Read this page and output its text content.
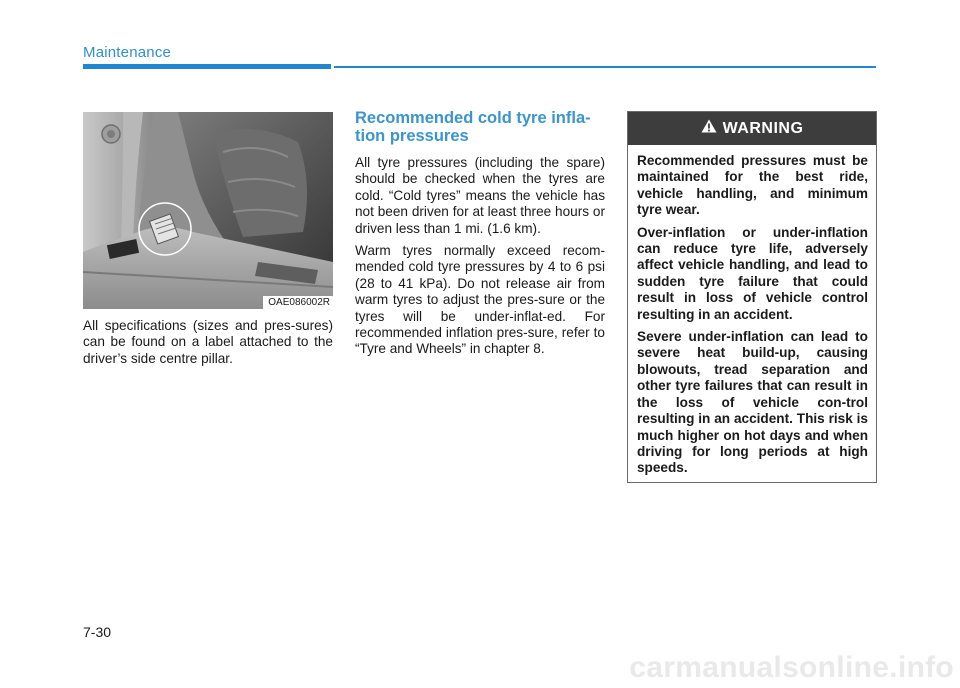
Maintenance
OAE086002R

All specifications (sizes and pres-sures) can be found on a label attached to the driver’s side centre pillar.

Recommended cold tyre infla-tion pressures

All tyre pressures (including the spare) should be checked when the tyres are cold. “Cold tyres” means the vehicle has not been driven for at least three hours or driven less than 1 mi. (1.6 km).

Warm tyres normally exceed recom-mended cold tyre pressures by 4 to 6 psi (28 to 41 kPa). Do not release air from warm tyres to adjust the pres-sure or the tyres will be under-inflat-ed. For recommended inflation pres-sure, refer to “Tyre and Wheels” in chapter 8.

WARNING

Recommended pressures must be maintained for the best ride, vehicle handling, and minimum tyre wear.

Over-inflation or under-inflation can reduce tyre life, adversely affect vehicle handling, and lead to sudden tyre failure that could result in loss of vehicle control resulting in an accident.

Severe under-inflation can lead to severe heat build-up, causing blowouts, tread separation and other tyre failures that can result in the loss of vehicle con-trol resulting in an accident. This risk is much higher on hot days and when driving for long periods at high speeds.

7-30
carmanualsonline.info
